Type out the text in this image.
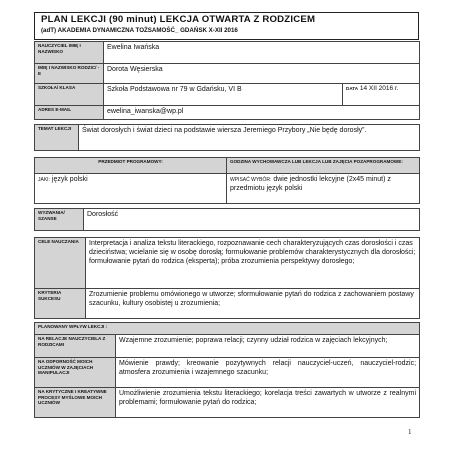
PLAN LEKCJI (90 minut) LEKCJA OTWARTA Z RODZICEM
(adT) AKADEMIA DYNAMICZNA TOŻSAMOŚĆ_ GDAŃSK X-XII 2016
NAUCZYCIEL IMIĘ I NAZWISKO	Ewelina Iwańska	
IMIĘ I NAZWISKO RODZIC/ - E	Dorota Węsierska	
SZKOŁA/ KLASA	Szkoła Podstawowa nr 79 w Gdańsku, VI B	DATA 14 XII 2016 r.
ADRES E-MAIL	ewelina_iwanska@wp.pl	
TEMAT LEKCJI	Świat dorosłych i świat dzieci na podstawie wiersza Jeremiego Przybory „Nie będę dorosły”.
PRZEDMIOT PROGRAMOWY:	GODZINA WYCHOWAWCZA LUB LEKCJA LUB ZAJĘCIA POZAPROGRAMOWE:
JAKI: język polski	WPISAĆ WYBÓR: dwie jednostki lekcyjne (2x45 minut) z przedmiotu język polski
WYZWANIA/ SZANSE	Dorosłość
CELE NAUCZANIA	Interpretacja i analiza tekstu literackiego, rozpoznawanie cech charakteryzujących czas dorosłości i czas dzieciństwa; wcielanie się w osobę dorosłą; formułowanie problemów charakterystycznych dla dorosłości; formułowanie pytań do rodzica (eksperta); próba zrozumienia perspektywy dorosłego;
KRYTERIA SUKCESU	Zrozumienie problemu omówionego w utworze; sformułowanie pytań do rodzica z zachowaniem postawy szacunku, kultury osobistej u zrozumienia;
PLANOWANY WPŁYW LEKCJI :	
NA RELACJE NAUCZYCIELA Z RODZICAMI	Wzajemne zrozumienie; poprawa relacji; czynny udział rodzica w zajęciach lekcyjnych;
NA ODPORNOŚĆ MOICH UCZNIÓW W ZAJĘCIACH MANIPULACJI	Mówienie prawdy; kreowanie pozytywnych relacji nauczyciel-uczeń, nauczyciel-rodzic; atmosfera zrozumienia i wzajemnego szacunku;
NA KRYTYCZNE I KREATYWNE PROCESY MYŚLOWE MOICH UCZNIÓW	Umożliwienie zrozumienia tekstu literackiego; korelacja treści zawartych w utworze z realnymi problemami; formułowanie pytań do rodzica;
1
